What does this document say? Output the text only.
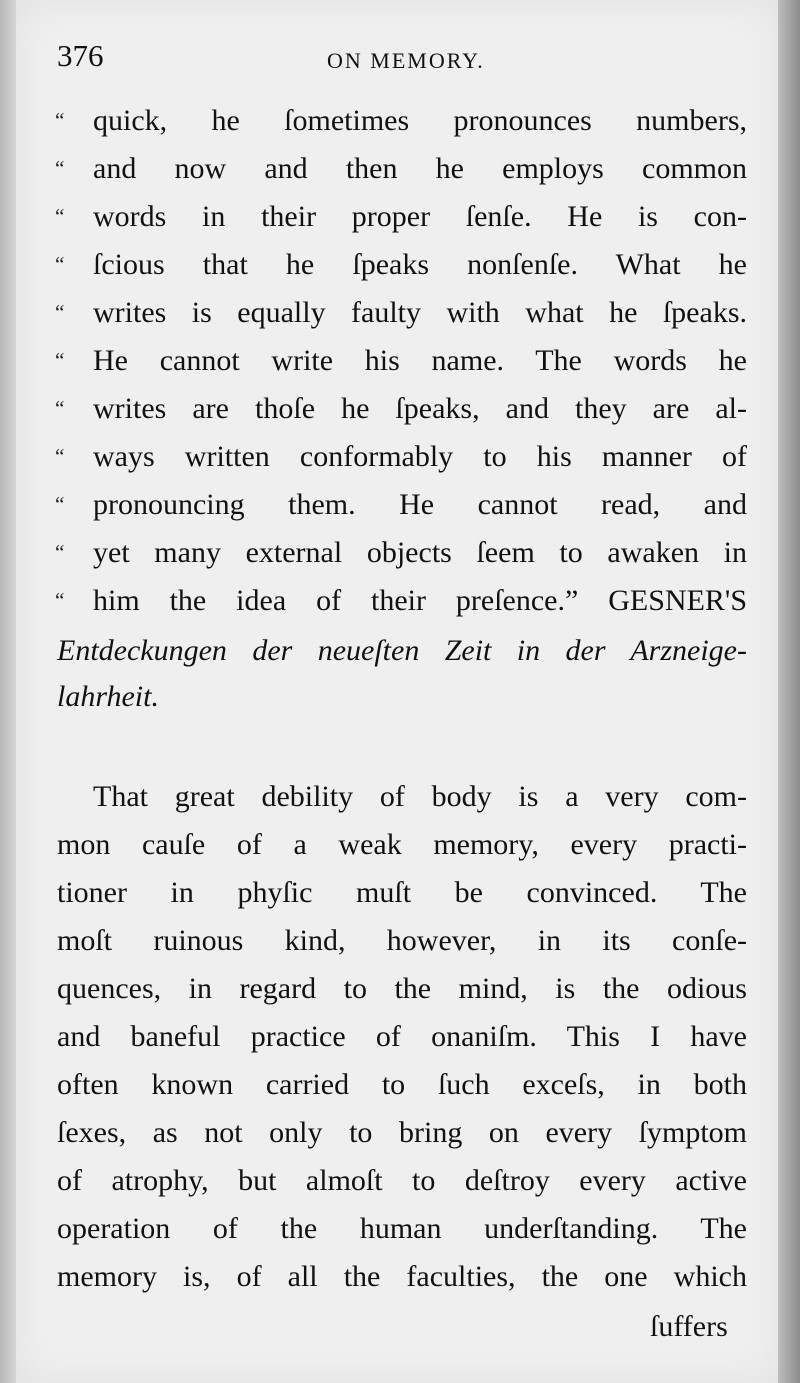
376	ON MEMORY.
“ quick, he ſometimes pronounces numbers,
“ and now and then he employs common
“ words in their proper ſenſe. He is con-
“ ſcious that he ſpeaks nonſenſe. What he
“ writes is equally faulty with what he ſpeaks.
“ He cannot write his name. The words he
“ writes are thoſe he ſpeaks, and they are al-
“ ways written conformably to his manner of
“ pronouncing them. He cannot read, and
“ yet many external objects ſeem to awaken in
“ him the idea of their preſence.” GESNER'S
Entdeckungen der neueſten Zeit in der Arzneige-
lahrheit.
That great debility of body is a very com-
mon cauſe of a weak memory, every practi-
tioner in phyſic muſt be convinced. The
moſt ruinous kind, however, in its conſe-
quences, in regard to the mind, is the odious
and baneful practice of onaniſm. This I have
often known carried to ſuch exceſs, in both
ſexes, as not only to bring on every ſymptom
of atrophy, but almoſt to deſtroy every active
operation of the human underſtanding. The
memory is, of all the faculties, the one which
ſuffers
